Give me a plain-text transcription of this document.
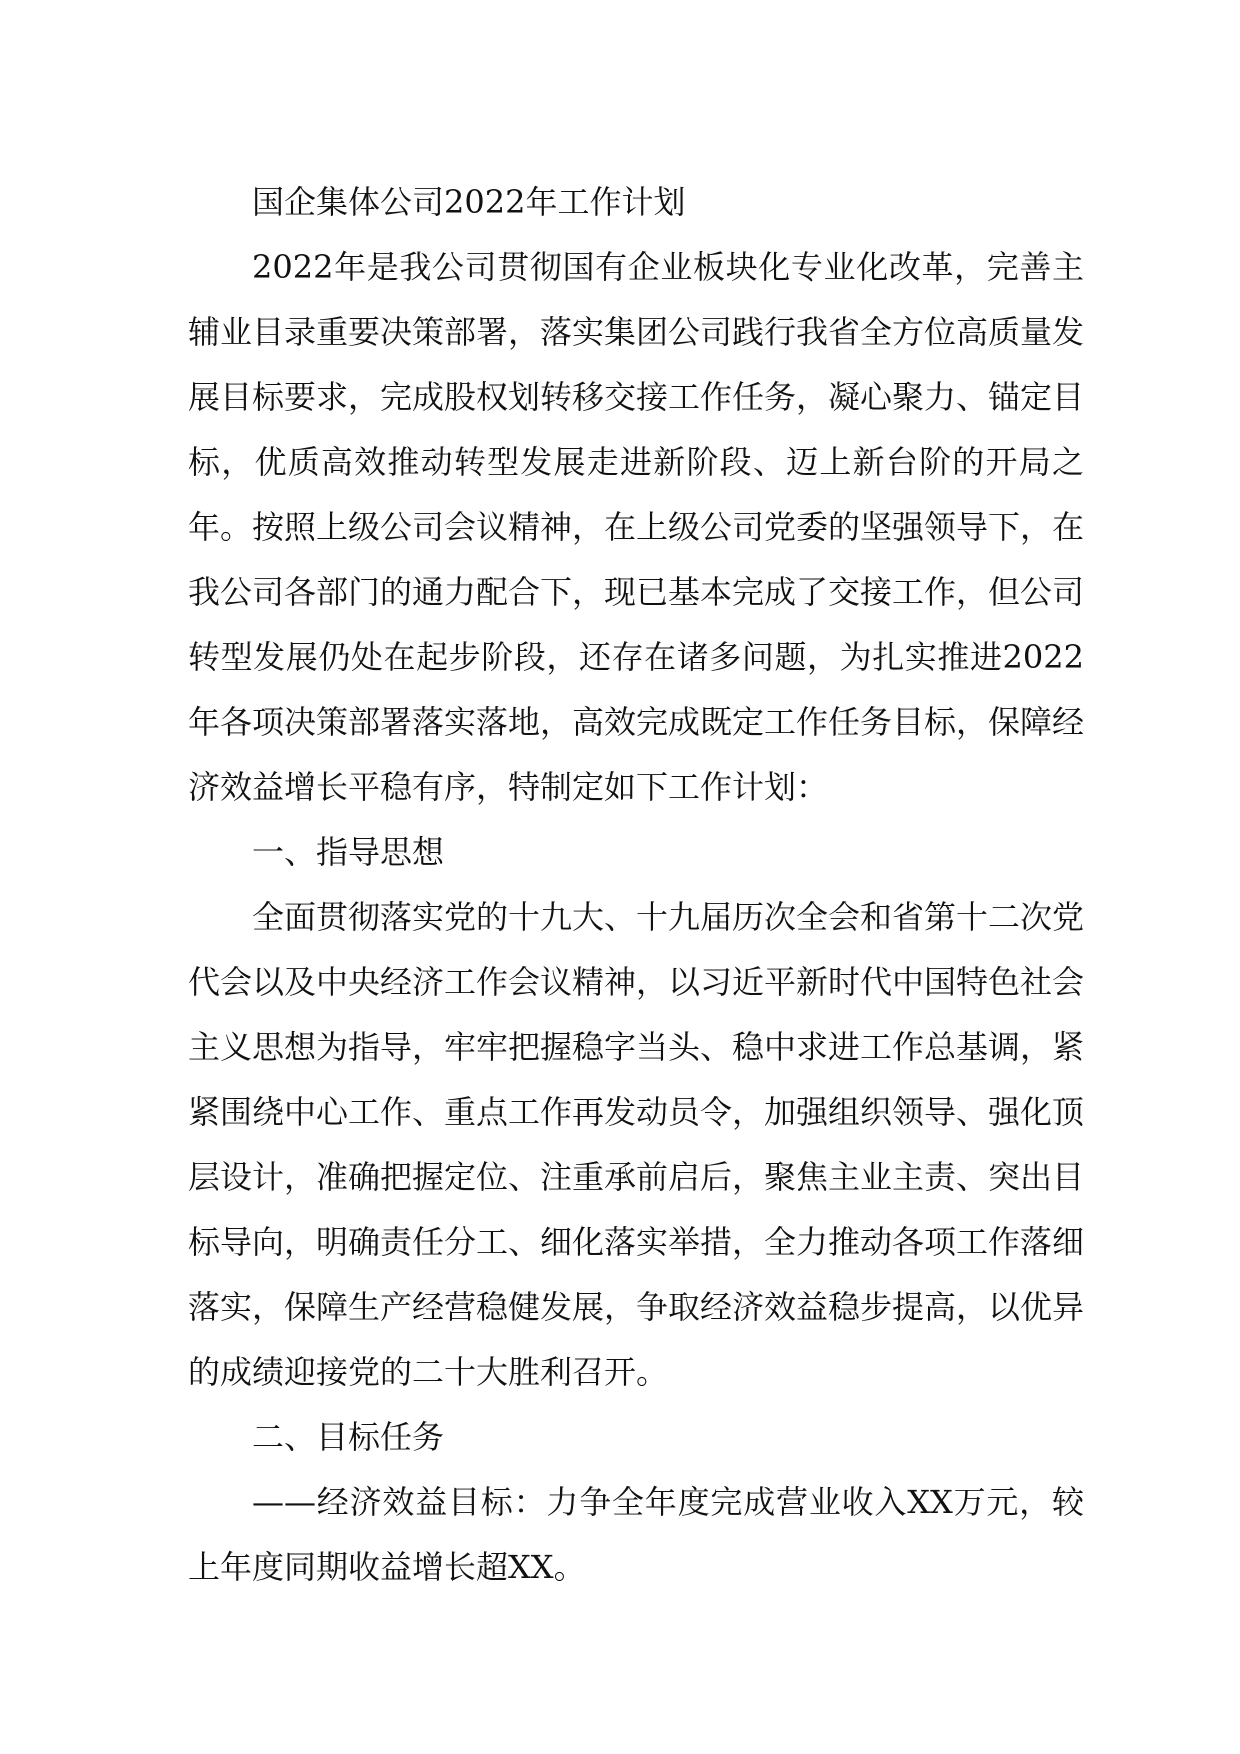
国企集体公司2022年工作计划

2022年是我公司贯彻国有企业板块化专业化改革，完善主辅业目录重要决策部署，落实集团公司践行我省全方位高质量发展目标要求，完成股权划转移交接工作任务，凝心聚力、锚定目标，优质高效推动转型发展走进新阶段、迈上新台阶的开局之年。按照上级公司会议精神，在上级公司党委的坚强领导下，在我公司各部门的通力配合下，现已基本完成了交接工作，但公司转型发展仍处在起步阶段，还存在诸多问题，为扎实推进2022年各项决策部署落实落地，高效完成既定工作任务目标，保障经济效益增长平稳有序，特制定如下工作计划：

一、指导思想

全面贯彻落实党的十九大、十九届历次全会和省第十二次党代会以及中央经济工作会议精神，以习近平新时代中国特色社会主义思想为指导，牢牢把握稳字当头、稳中求进工作总基调，紧紧围绕中心工作、重点工作再发动员令，加强组织领导、强化顶层设计，准确把握定位、注重承前启后，聚焦主业主责、突出目标导向，明确责任分工、细化落实举措，全力推动各项工作落细落实，保障生产经营稳健发展，争取经济效益稳步提高，以优异的成绩迎接党的二十大胜利召开。

二、目标任务

——经济效益目标：力争全年度完成营业收入XX万元，较上年度同期收益增长超XX。
